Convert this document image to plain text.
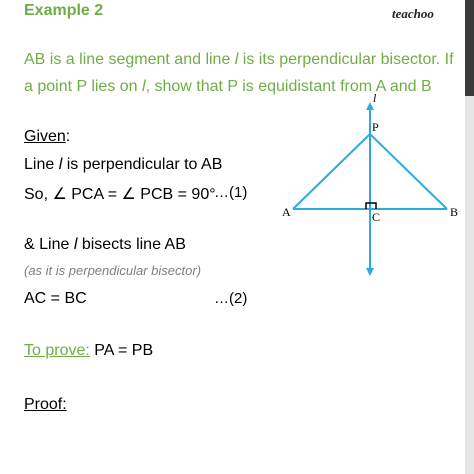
teachoo
Example 2
AB is a line segment and line l is its perpendicular bisector. If a point P lies on l, show that P is equidistant from A and B
Given:
Line l is perpendicular to AB
So, ∠ PCA = ∠ PCB = 90°
…(1)
& Line l bisects line AB
(as it is perpendicular bisector)
AC = BC	…(2)
To prove: PA = PB
Proof:
l
P
A	B
C
